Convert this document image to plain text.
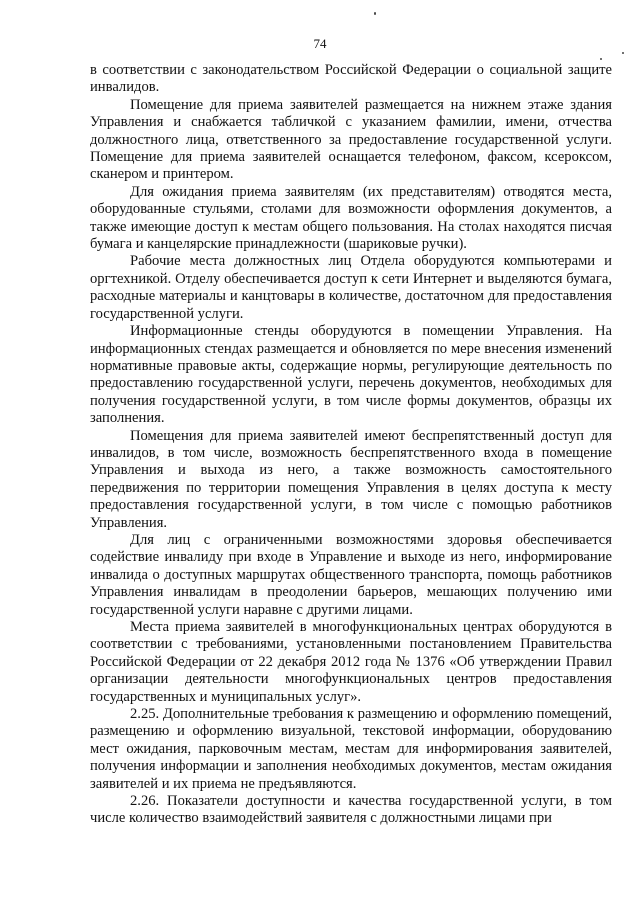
74

в соответствии с законодательством Российской Федерации о социальной защите инвалидов.

Помещение для приема заявителей размещается на нижнем этаже здания Управления и снабжается табличкой с указанием фамилии, имени, отчества должностного лица, ответственного за предоставление государственной услуги. Помещение для приема заявителей оснащается телефоном, факсом, ксероксом, сканером и принтером.

Для ожидания приема заявителям (их представителям) отводятся места, оборудованные стульями, столами для возможности оформления документов, а также имеющие доступ к местам общего пользования. На столах находятся писчая бумага и канцелярские принадлежности (шариковые ручки).

Рабочие места должностных лиц Отдела оборудуются компьютерами и оргтехникой. Отделу обеспечивается доступ к сети Интернет и выделяются бумага, расходные материалы и канцтовары в количестве, достаточном для предоставления государственной услуги.

Информационные стенды оборудуются в помещении Управления. На информационных стендах размещается и обновляется по мере внесения изменений нормативные правовые акты, содержащие нормы, регулирующие деятельность по предоставлению государственной услуги, перечень документов, необходимых для получения государственной услуги, в том числе формы документов, образцы их заполнения.

Помещения для приема заявителей имеют беспрепятственный доступ для инвалидов, в том числе, возможность беспрепятственного входа в помещение Управления и выхода из него, а также возможность самостоятельного передвижения по территории помещения Управления в целях доступа к месту предоставления государственной услуги, в том числе с помощью работников Управления.

Для лиц с ограниченными возможностями здоровья обеспечивается содействие инвалиду при входе в Управление и выходе из него, информирование инвалида о доступных маршрутах общественного транспорта, помощь работников Управления инвалидам в преодолении барьеров, мешающих получению ими государственной услуги наравне с другими лицами.

Места приема заявителей в многофункциональных центрах оборудуются в соответствии с требованиями, установленными постановлением Правительства Российской Федерации от 22 декабря 2012 года № 1376 «Об утверждении Правил организации деятельности многофункциональных центров предоставления государственных и муниципальных услуг».

2.25. Дополнительные требования к размещению и оформлению помещений, размещению и оформлению визуальной, текстовой информации, оборудованию мест ожидания, парковочным местам, местам для информирования заявителей, получения информации и заполнения необходимых документов, местам ожидания заявителей и их приема не предъявляются.

2.26. Показатели доступности и качества государственной услуги, в том числе количество взаимодействий заявителя с должностными лицами при
